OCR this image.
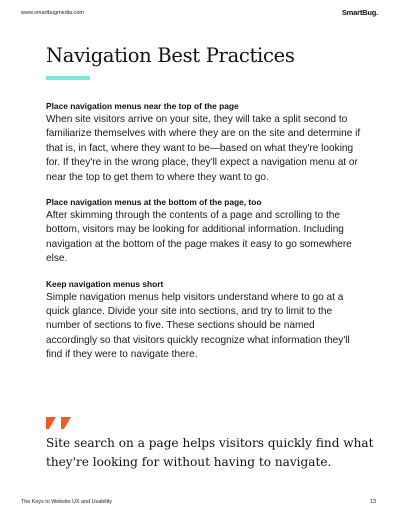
www.smartbugmedia.com	SmartBug.
Navigation Best Practices

Place navigation menus near the top of the page

When site visitors arrive on your site, they will take a split second to familiarize themselves with where they are on the site and determine if that is, in fact, where they want to be—based on what they're looking for. If they're in the wrong place, they'll expect a navigation menu at or near the top to get them to where they want to go.

Place navigation menus at the bottom of the page, too

After skimming through the contents of a page and scrolling to the bottom, visitors may be looking for additional information. Including navigation at the bottom of the page makes it easy to go somewhere else.

Keep navigation menus short

Simple navigation menus help visitors understand where to go at a quick glance. Divide your site into sections, and try to limit to the number of sections to five. These sections should be named accordingly so that visitors quickly recognize what information they'll find if they were to navigate there.

Site search on a page helps visitors quickly find what they're looking for without having to navigate.

The Keys to Website UX and Usability	13
